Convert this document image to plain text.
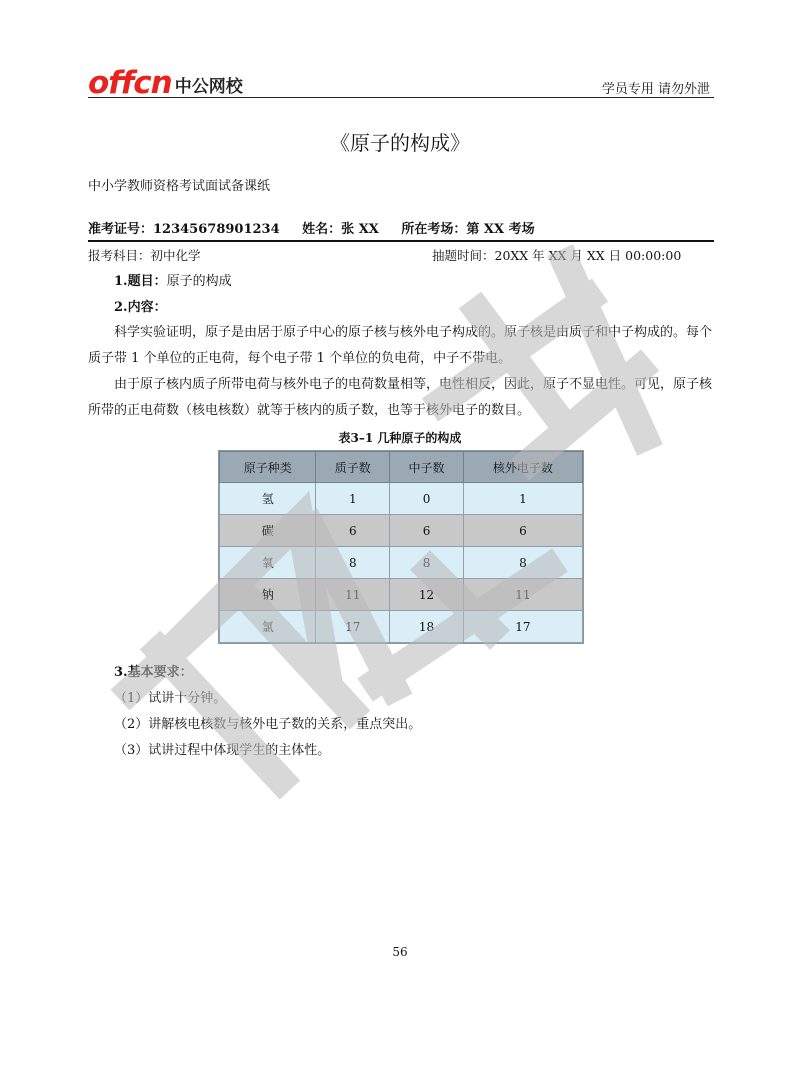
offcn 中公网校	学员专用 请勿外泄
《原子的构成》
中小学教师资格考试面试备课纸
准考证号：12345678901234 姓名：张 XX 所在考场：第 XX 考场
报考科目：初中化学	抽题时间：20XX 年 XX 月 XX 日 00:00:00
1.题目：原子的构成
2.内容：
科学实验证明，原子是由居于原子中心的原子核与核外电子构成的。原子核是由质子和中子构成的。每个质子带 1 个单位的正电荷，每个电子带 1 个单位的负电荷，中子不带电。
由于原子核内质子所带电荷与核外电子的电荷数量相等，电性相反，因此，原子不显电性。可见，原子核所带的正电荷数（核电核数）就等于核内的质子数，也等于核外电子的数目。
表3–1 几种原子的构成
原子种类	质子数	中子数	核外电子数
氢	1	0	1
碳	6	6	6
氧	8	8	8
钠	11	12	11
氯	17	18	17
3.基本要求：
（1）试讲十分钟。
（2）讲解核电核数与核外电子数的关系，重点突出。
（3）试讲过程中体现学生的主体性。
56
